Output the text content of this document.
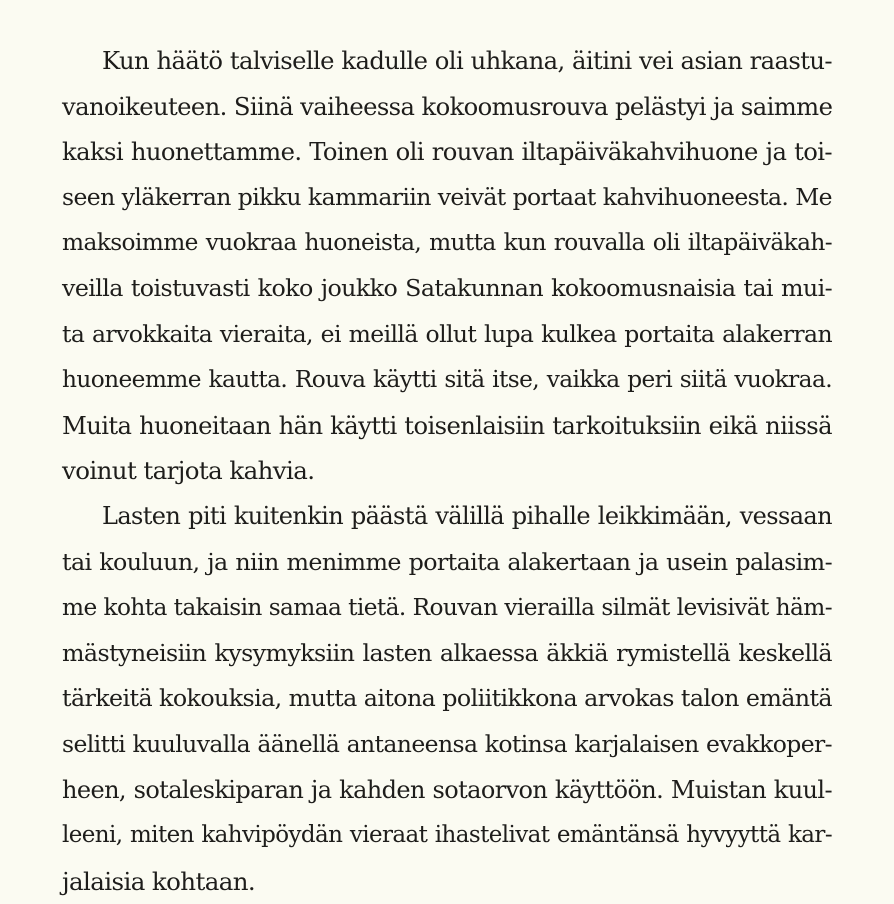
Kun häätö talviselle kadulle oli uhkana, äitini vei asian raastu-
vanoikeuteen. Siinä vaiheessa kokoomusrouva pelästyi ja saimme
kaksi huonettamme. Toinen oli rouvan iltapäiväkahvihuone ja toi-
seen yläkerran pikku kammariin veivät portaat kahvihuoneesta. Me
maksoimme vuokraa huoneista, mutta kun rouvalla oli iltapäiväkah-
veilla toistuvasti koko joukko Satakunnan kokoomusnaisia tai mui-
ta arvokkaita vieraita, ei meillä ollut lupa kulkea portaita alakerran
huoneemme kautta. Rouva käytti sitä itse, vaikka peri siitä vuokraa.
Muita huoneitaan hän käytti toisenlaisiin tarkoituksiin eikä niissä
voinut tarjota kahvia.

Lasten piti kuitenkin päästä välillä pihalle leikkimään, vessaan
tai kouluun, ja niin menimme portaita alakertaan ja usein palasim-
me kohta takaisin samaa tietä. Rouvan vierailla silmät levisivät häm-
mästyneisiin kysymyksiin lasten alkaessa äkkiä rymistellä keskellä
tärkeitä kokouksia, mutta aitona poliitikkona arvokas talon emäntä
selitti kuuluvalla äänellä antaneensa kotinsa karjalaisen evakkoper-
heen, sotaleskiparan ja kahden sotaorvon käyttöön. Muistan kuul-
leeni, miten kahvipöydän vieraat ihastelivat emäntänsä hyvyyttä kar-
jalaisia kohtaan.
